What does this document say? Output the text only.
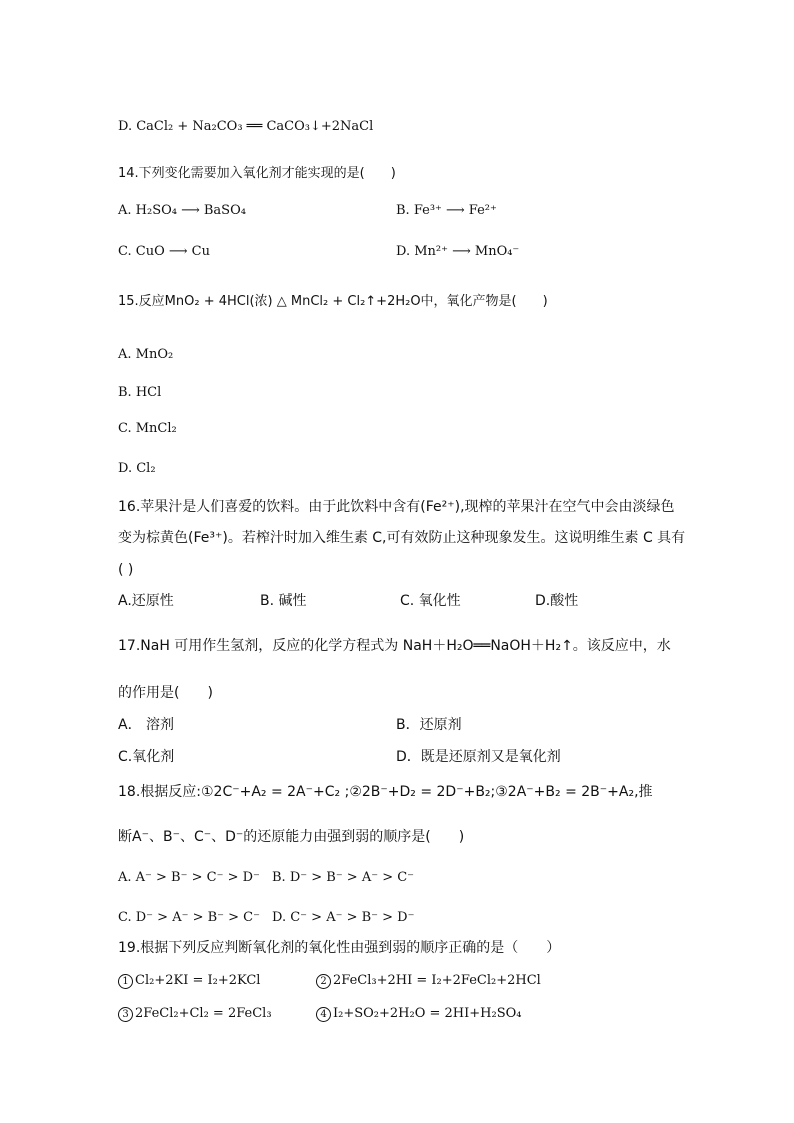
D. CaCl₂ + Na₂CO₃ ══ CaCO₃↓+2NaCl
14.下列变化需要加入氧化剂才能实现的是(　　)
A. H₂SO₄ ⟶ BaSO₄	B. Fe³⁺ ⟶ Fe²⁺
C. CuO ⟶ Cu	D. Mn²⁺ ⟶ MnO₄⁻
15.反应MnO₂ + 4HCl(浓) △ MnCl₂ + Cl₂↑+2H₂O中，氧化产物是(　　)
A. MnO₂
B. HCl
C. MnCl₂
D. Cl₂
16.苹果汁是人们喜爱的饮料。由于此饮料中含有(Fe²⁺),现榨的苹果汁在空气中会由淡绿色
变为棕黄色(Fe³⁺)。若榨汁时加入维生素 C,可有效防止这种现象发生。这说明维生素 C 具有
( )
A.还原性	B. 碱性	C. 氧化性	D.酸性
17.NaH 可用作生氢剂，反应的化学方程式为 NaH＋H₂O══NaOH＋H₂↑。该反应中，水
的作用是(　　)
A． 溶剂	B．还原剂
C.氧化剂	D．既是还原剂又是氧化剂
18.根据反应:①2C⁻+A₂ = 2A⁻+C₂ ;②2B⁻+D₂ = 2D⁻+B₂;③2A⁻+B₂ = 2B⁻+A₂,推
断A⁻、B⁻、C⁻、D⁻的还原能力由强到弱的顺序是(　　)
A. A⁻ > B⁻ > C⁻ > D⁻ B. D⁻ > B⁻ > A⁻ > C⁻
C. D⁻ > A⁻ > B⁻ > C⁻ D. C⁻ > A⁻ > B⁻ > D⁻
19.根据下列反应判断氧化剂的氧化性由强到弱的顺序正确的是（　　）
1 Cl₂+2KI = I₂+2KCl	2 2FeCl₃+2HI = I₂+2FeCl₂+2HCl
3 2FeCl₂+Cl₂ = 2FeCl₃	4 I₂+SO₂+2H₂O = 2HI+H₂SO₄
